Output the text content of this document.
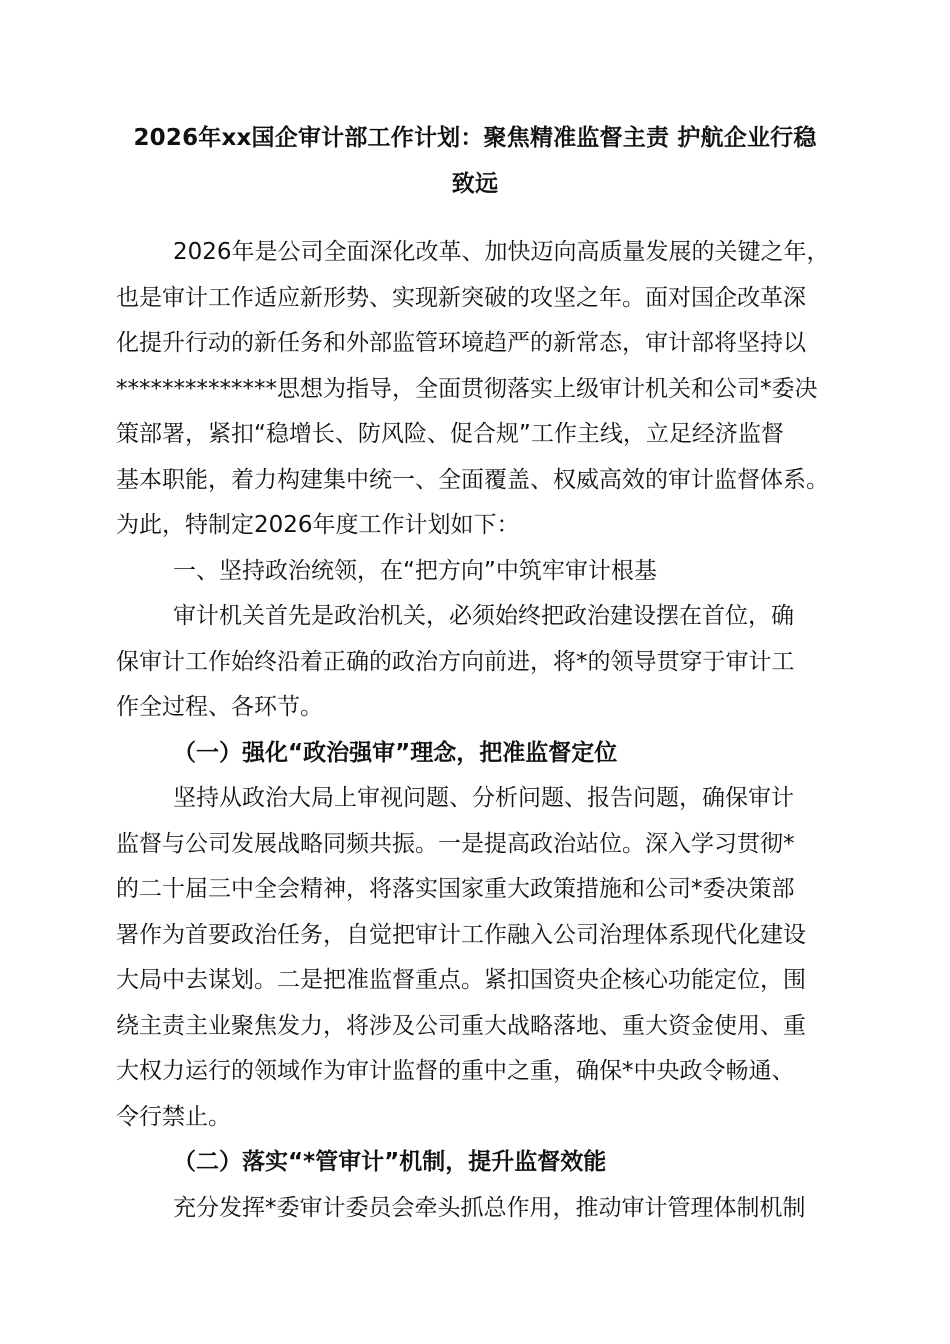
2026年xx国企审计部工作计划：聚焦精准监督主责 护航企业行稳
致远

2026年是公司全面深化改革、加快迈向高质量发展的关键之年，
也是审计工作适应新形势、实现新突破的攻坚之年。面对国企改革深
化提升行动的新任务和外部监管环境趋严的新常态，审计部将坚持以
**************思想为指导，全面贯彻落实上级审计机关和公司*委决
策部署，紧扣“稳增长、防风险、促合规”工作主线，立足经济监督
基本职能，着力构建集中统一、全面覆盖、权威高效的审计监督体系。
为此，特制定2026年度工作计划如下：

一、坚持政治统领，在“把方向”中筑牢审计根基

审计机关首先是政治机关，必须始终把政治建设摆在首位，确
保审计工作始终沿着正确的政治方向前进，将*的领导贯穿于审计工
作全过程、各环节。

（一）强化“政治强审”理念，把准监督定位

坚持从政治大局上审视问题、分析问题、报告问题，确保审计
监督与公司发展战略同频共振。一是提高政治站位。深入学习贯彻*
的二十届三中全会精神，将落实国家重大政策措施和公司*委决策部
署作为首要政治任务，自觉把审计工作融入公司治理体系现代化建设
大局中去谋划。二是把准监督重点。紧扣国资央企核心功能定位，围
绕主责主业聚焦发力，将涉及公司重大战略落地、重大资金使用、重
大权力运行的领域作为审计监督的重中之重，确保*中央政令畅通、
令行禁止。

（二）落实“*管审计”机制，提升监督效能

充分发挥*委审计委员会牵头抓总作用，推动审计管理体制机制
